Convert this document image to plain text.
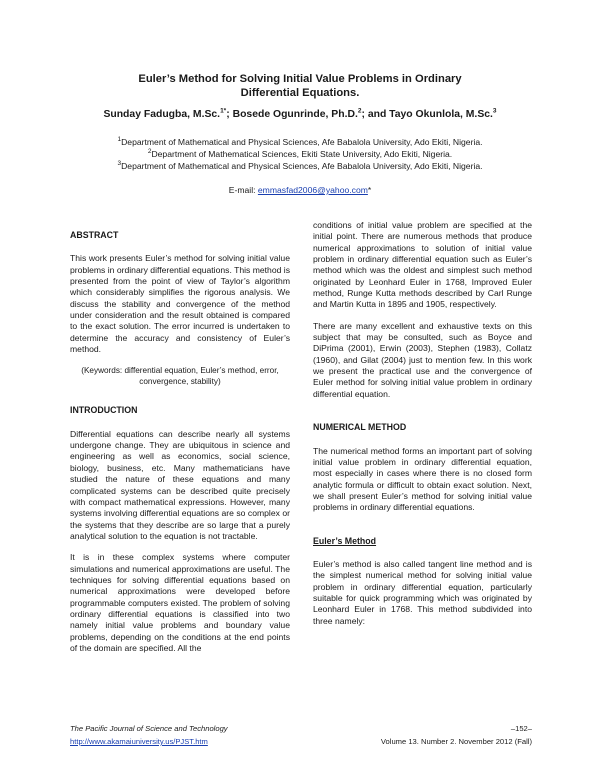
Euler’s Method for Solving Initial Value Problems in Ordinary
Differential Equations.
Sunday Fadugba, M.Sc.$^{1*}$; Bosede Ogunrinde, Ph.D.$^2$; and Tayo Okunlola, M.Sc.$^3$
$^1$Department of Mathematical and Physical Sciences, Afe Babalola University, Ado Ekiti, Nigeria.
$^2$Department of Mathematical Sciences, Ekiti State University, Ado Ekiti, Nigeria.
$^3$Department of Mathematical and Physical Sciences, Afe Babalola University, Ado Ekiti, Nigeria.
E-mail: emmasfad2006@yahoo.com*
ABSTRACT

This work presents Euler’s method for solving initial value problems in ordinary differential equations. This method is presented from the point of view of Taylor’s algorithm which considerably simplifies the rigorous analysis. We discuss the stability and convergence of the method under consideration and the result obtained is compared to the exact solution. The error incurred is undertaken to determine the accuracy and consistency of Euler’s method.

(Keywords: differential equation, Euler’s method, error, convergence, stability)
INTRODUCTION

Differential equations can describe nearly all systems undergone change. They are ubiquitous in science and engineering as well as economics, social science, biology, business, etc. Many mathematicians have studied the nature of these equations and many complicated systems can be described quite precisely with compact mathematical expressions. However, many systems involving differential equations are so complex or the systems that they describe are so large that a purely analytical solution to the equation is not tractable.

It is in these complex systems where computer simulations and numerical approximations are useful. The techniques for solving differential equations based on numerical approximations were developed before programmable computers existed. The problem of solving ordinary differential equations is classified into two namely initial value problems and boundary value problems, depending on the conditions at the end points of the domain are specified. All the

conditions of initial value problem are specified at the initial point. There are numerous methods that produce numerical approximations to solution of initial value problem in ordinary differential equation such as Euler’s method which was the oldest and simplest such method originated by Leonhard Euler in 1768, Improved Euler method, Runge Kutta methods described by Carl Runge and Martin Kutta in 1895 and 1905, respectively.

There are many excellent and exhaustive texts on this subject that may be consulted, such as Boyce and DiPrima (2001), Erwin (2003), Stephen (1983), Collatz (1960), and Gilat (2004) just to mention few. In this work we present the practical use and the convergence of Euler method for solving initial value problem in ordinary differential equation.

NUMERICAL METHOD

The numerical method forms an important part of solving initial value problem in ordinary differential equation, most especially in cases where there is no closed form analytic formula or difficult to obtain exact solution. Next, we shall present Euler’s method for solving initial value problems in ordinary differential equations.

Euler’s Method

Euler’s method is also called tangent line method and is the simplest numerical method for solving initial value problem in ordinary differential equation, particularly suitable for quick programming which was originated by Leonhard Euler in 1768. This method subdivided into three namely:

The Pacific Journal of Science and Technology
http://www.akamaiuniversity.us/PJST.htm
–152–
Volume 13. Number 2. November 2012 (Fall)
